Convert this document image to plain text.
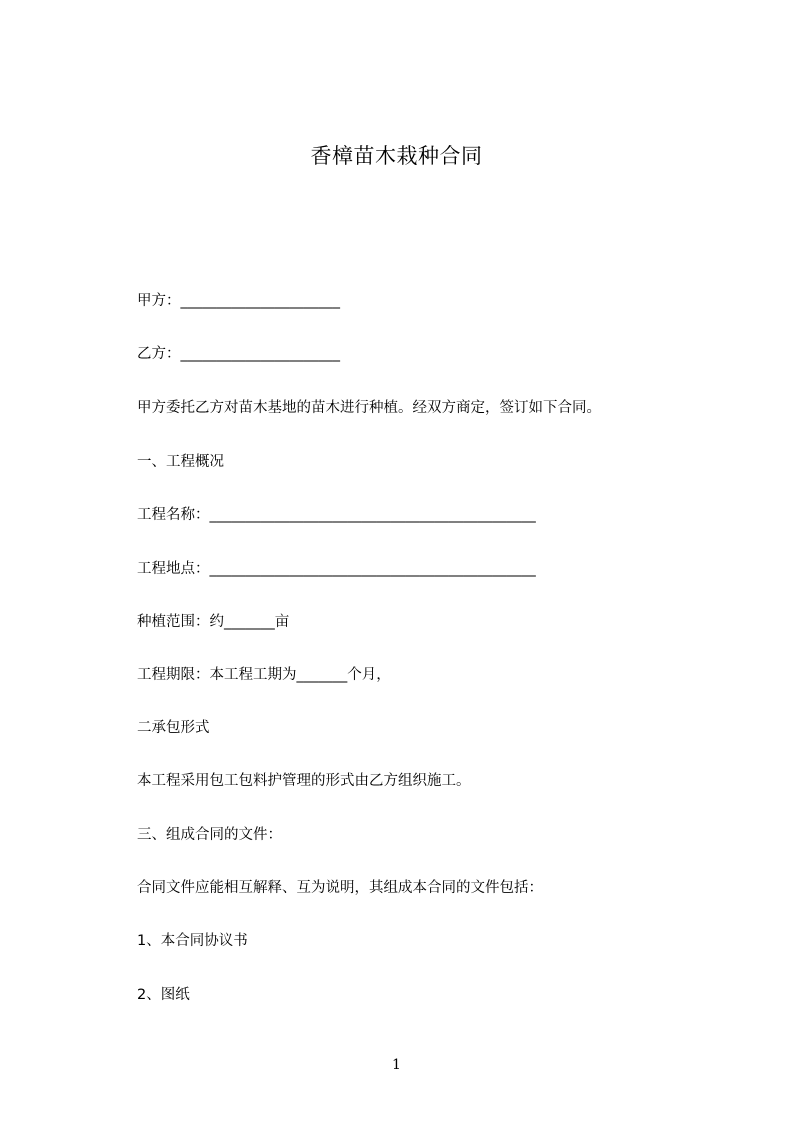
香樟苗木栽种合同
甲方：______________________
乙方：______________________
甲方委托乙方对苗木基地的苗木进行种植。经双方商定，签订如下合同。
一、工程概况
工程名称：_____________________________________________
工程地点：_____________________________________________
种植范围：约_______亩
工程期限：本工程工期为_______个月，
二承包形式
本工程采用包工包料护管理的形式由乙方组织施工。
三、组成合同的文件：
合同文件应能相互解释、互为说明，其组成本合同的文件包括：
1、本合同协议书
2、图纸
1
